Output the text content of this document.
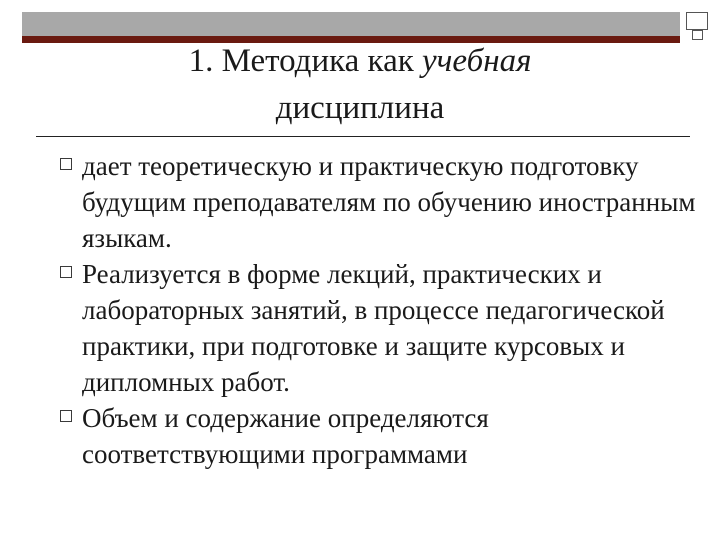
1. Методика как учебная
дисциплина
дает теоретическую и практическую подготовку будущим преподавателям по обучению иностранным языкам.
Реализуется в форме лекций, практических и лабораторных занятий, в процессе педагогической практики, при подготовке и защите курсовых и дипломных работ.
Объем и содержание определяются соответствующими программами
